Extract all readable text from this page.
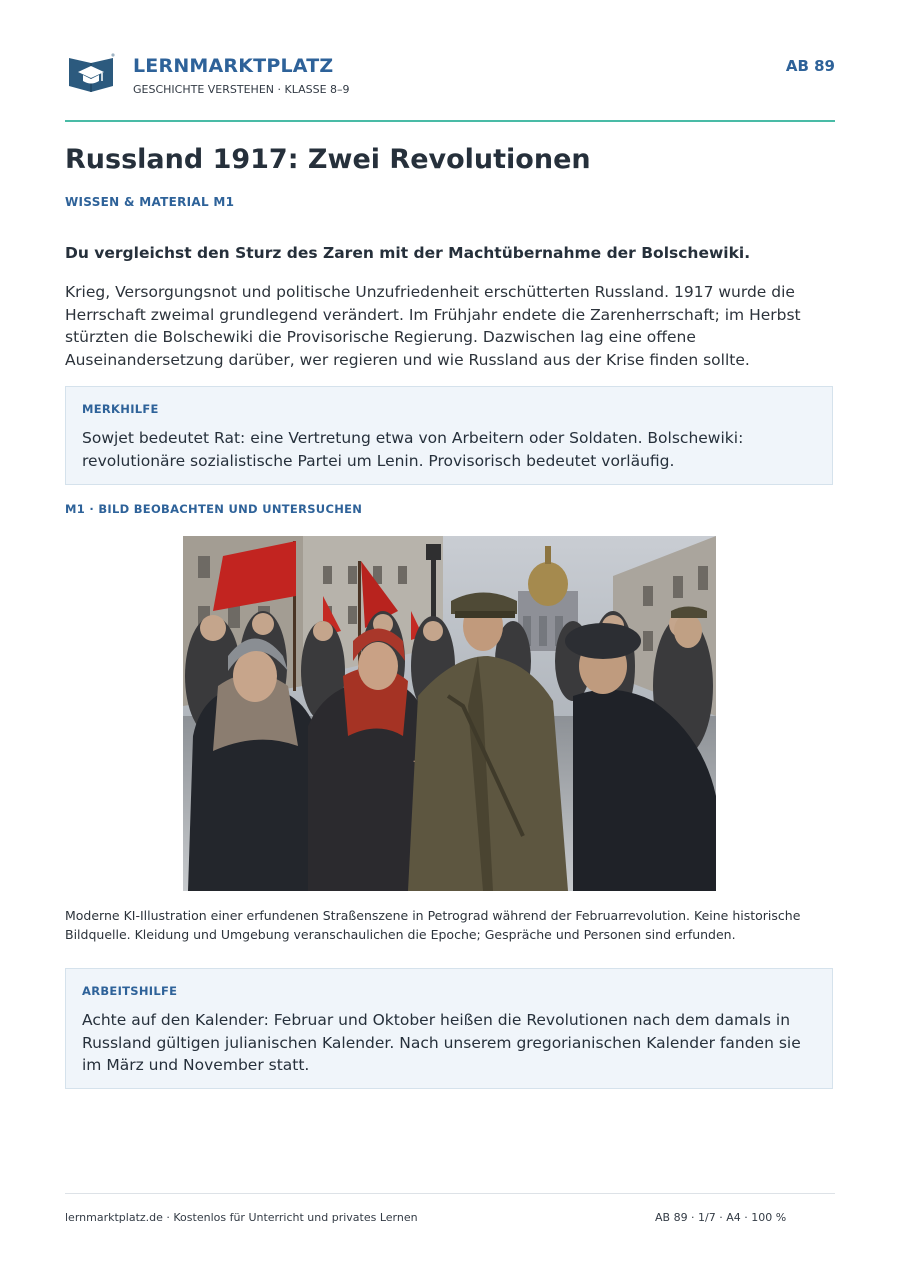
LERNMARKTPLATZ
GESCHICHTE VERSTEHEN · KLASSE 8–9
AB 89
Russland 1917: Zwei Revolutionen
WISSEN & MATERIAL M1

Du vergleichst den Sturz des Zaren mit der Machtübernahme der Bolschewiki.

Krieg, Versorgungsnot und politische Unzufriedenheit erschütterten Russland. 1917 wurde die Herrschaft zweimal grundlegend verändert. Im Frühjahr endete die Zarenherrschaft; im Herbst stürzten die Bolschewiki die Provisorische Regierung. Dazwischen lag eine offene Auseinandersetzung darüber, wer regieren und wie Russland aus der Krise finden sollte.

MERKHILFE

Sowjet bedeutet Rat: eine Vertretung etwa von Arbeitern oder Soldaten. Bolschewiki: revolutionäre sozialistische Partei um Lenin. Provisorisch bedeutet vorläufig.

M1 · BILD BEOBACHTEN UND UNTERSUCHEN

Moderne KI-Illustration einer erfundenen Straßenszene in Petrograd während der Februarrevolution. Keine historische Bildquelle. Kleidung und Umgebung veranschaulichen die Epoche; Gespräche und Personen sind erfunden.

ARBEITSHILFE

Achte auf den Kalender: Februar und Oktober heißen die Revolutionen nach dem damals in Russland gültigen julianischen Kalender. Nach unserem gregorianischen Kalender fanden sie im März und November statt.

lernmarktplatz.de · Kostenlos für Unterricht und privates Lernen	AB 89 · 1/7 · A4 · 100 %
